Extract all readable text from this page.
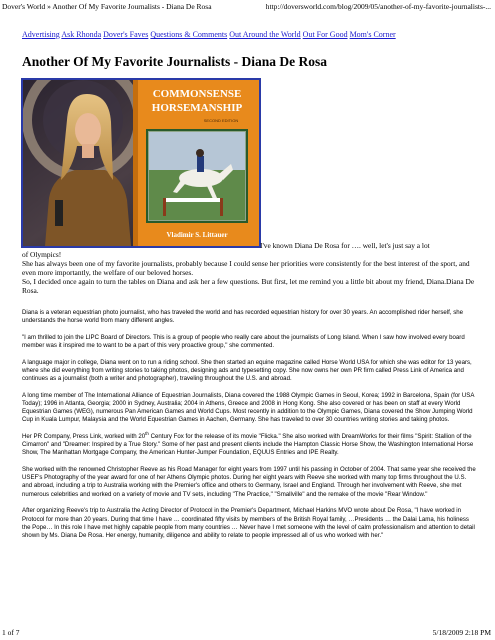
Dover's World » Another Of My Favorite Journalists - Diana De Rosa	http://doversworld.com/blog/2009/05/another-of-my-favorite-journalists-...
Advertising Ask Rhonda Dover's Faves Questions & Comments Out Around the World Out For Good Mom's Corner
Another Of My Favorite Journalists - Diana De Rosa
COMMONSENSE
HORSEMANSHIP
SECOND EDITION
Vladimir S. Littauer

I've known Diana De Rosa for …. well, let's just say a lot

of Olympics!

She has always been one of my favorite journalists, probably because I could sense her priorities were consistently for the best interest of the sport, and even more importantly, the welfare of our beloved horses.

So, I decided once again to turn the tables on Diana and ask her a few questions. But first, let me remind you a little bit about my friend, Diana.Diana De Rosa.

Diana is a veteran equestrian photo journalist, who has traveled the world and has recorded equestrian history for over 30 years. An accomplished rider herself, she understands the horse world from many different angles.

"I am thrilled to join the LIPC Board of Directors. This is a group of people who really care about the journalists of Long Island. When I saw how involved every board member was it inspired me to want to be a part of this very proactive group," she commented.

A language major in college, Diana went on to run a riding school. She then started an equine magazine called Horse World USA for which she was editor for 13 years, where she did everything from writing stories to taking photos, designing ads and typesetting copy. She now owns her own PR firm called Press Link of America and continues as a journalist (both a writer and photographer), traveling throughout the U.S. and abroad.

A long time member of The International Alliance of Equestrian Journalists, Diana covered the 1988 Olympic Games in Seoul, Korea; 1992 in Barcelona, Spain (for USA Today); 1996 in Atlanta, Georgia; 2000 in Sydney, Australia; 2004 in Athens, Greece and 2008 in Hong Kong. She also covered or has been on staff at every World Equestrian Games (WEG), numerous Pan American Games and World Cups. Most recently in addition to the Olympic Games, Diana covered the Show Jumping World Cup in Kuala Lumpur, Malaysia and the World Equestrian Games in Aachen, Germany. She has traveled to over 30 countries writing stories and taking photos.

Her PR Company, Press Link, worked with 20th Century Fox for the release of its movie "Flicka." She also worked with DreamWorks for their films "Spirit: Stallion of the Cimarron" and "Dreamer: Inspired by a True Story." Some of her past and present clients include the Hampton Classic Horse Show, the Washington International Horse Show, The Manhattan Mortgage Company, the American Hunter-Jumper Foundation, EQUUS Entries and IPE Realty.

She worked with the renowned Christopher Reeve as his Road Manager for eight years from 1997 until his passing in October of 2004. That same year she received the USEF's Photography of the year award for one of her Athens Olympic photos. During her eight years with Reeve she worked with many top firms throughout the U.S. and abroad, including a trip to Australia working with the Premier's office and others to Germany, Israel and England. Through her involvement with Reeve, she met numerous celebrities and worked on a variety of movie and TV sets, including "The Practice," "Smallville" and the remake of the movie "Rear Window."

After organizing Reeve's trip to Australia the Acting Director of Protocol in the Premier's Department, Michael Harkins MVO wrote about De Rosa, "I have worked in Protocol for more than 20 years. During that time I have … coordinated fifty visits by members of the British Royal family, …Presidents … the Dalai Lama, his holiness the Pope… In this role I have met highly capable people from many countries … Never have I met someone with the level of calm professionalism and attention to detail shown by Ms. Diana De Rosa. Her energy, humanity, diligence and ability to relate to people impressed all of us who worked with her."

1 of 7	5/18/2009 2:18 PM
